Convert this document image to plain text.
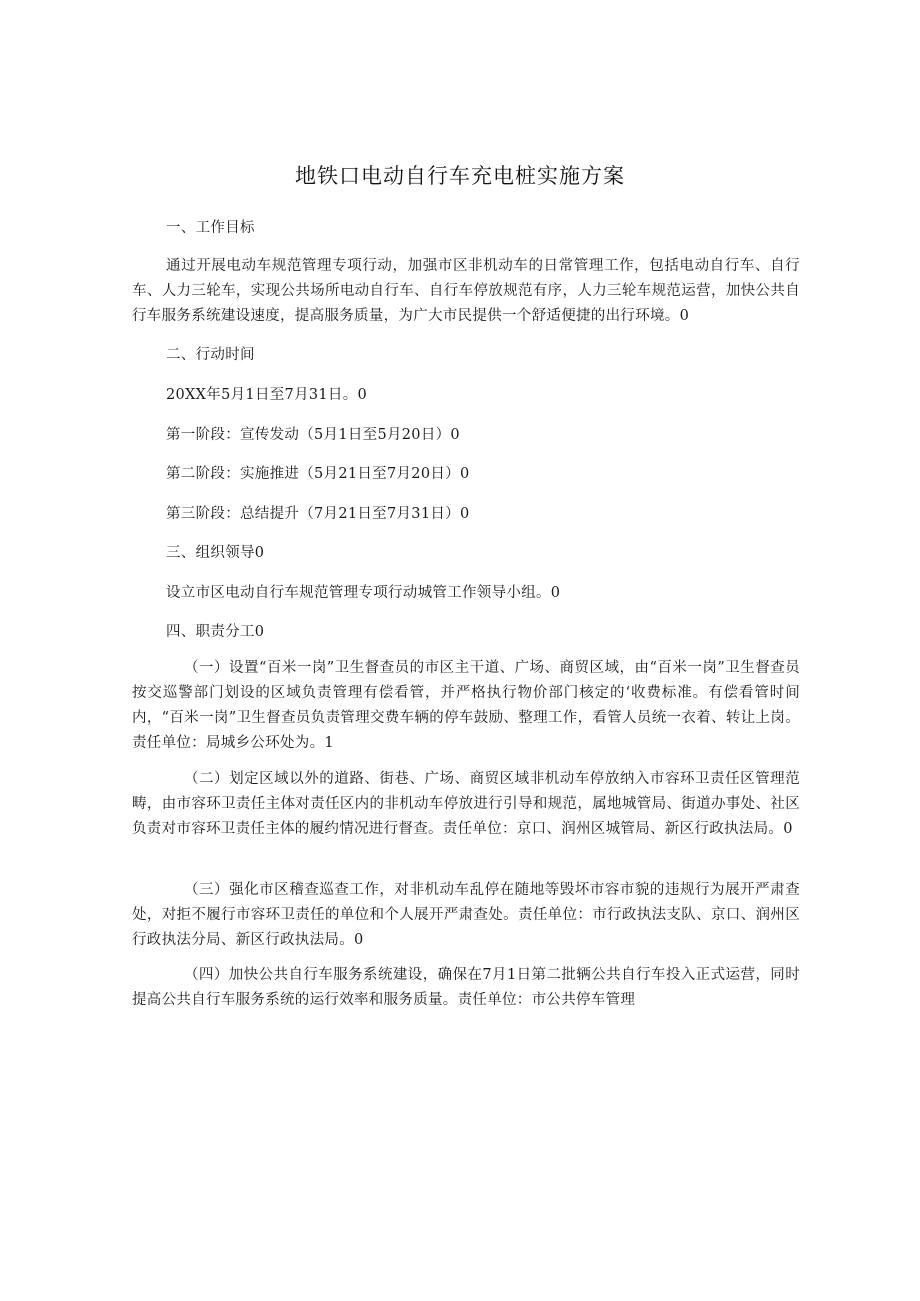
地铁口电动自行车充电桩实施方案
一、工作目标
通过开展电动车规范管理专项行动，加强市区非机动车的日常管理工作，包括电动自行车、自行车、人力三轮车，实现公共场所电动自行车、自行车停放规范有序，人力三轮车规范运营，加快公共自行车服务系统建设速度，提高服务质量，为广大市民提供一个舒适便捷的出行环境。0
二、行动时间
20XX年5月1日至7月31日。0
第一阶段：宣传发动（5月1日至5月20日）0
第二阶段：实施推进（5月21日至7月20日）0
第三阶段：总结提升（7月21日至7月31日）0
三、组织领导0
设立市区电动自行车规范管理专项行动城管工作领导小组。0
四、职责分工0
（一）设置“百米一岗”卫生督查员的市区主干道、广场、商贸区域，由“百米一岗”卫生督查员按交巡警部门划设的区域负责管理有偿看管，并严格执行物价部门核定的‘收费标准。有偿看管时间内，“百米一岗”卫生督查员负责管理交费车辆的停车鼓励、整理工作，看管人员统一衣着、转让上岗。责任单位：局城乡公环处为。1
（二）划定区域以外的道路、街巷、广场、商贸区域非机动车停放纳入市容环卫责任区管理范畴，由市容环卫责任主体对责任区内的非机动车停放进行引导和规范，属地城管局、街道办事处、社区负责对市容环卫责任主体的履约情况进行督查。责任单位：京口、润州区城管局、新区行政执法局。0
（三）强化市区稽查巡查工作，对非机动车乱停在随地等毁坏市容市貌的违规行为展开严肃查处，对拒不履行市容环卫责任的单位和个人展开严肃查处。责任单位：市行政执法支队、京口、润州区行政执法分局、新区行政执法局。0
（四）加快公共自行车服务系统建设，确保在7月1日第二批辆公共自行车投入正式运营，同时提高公共自行车服务系统的运行效率和服务质量。责任单位：市公共停车管理
